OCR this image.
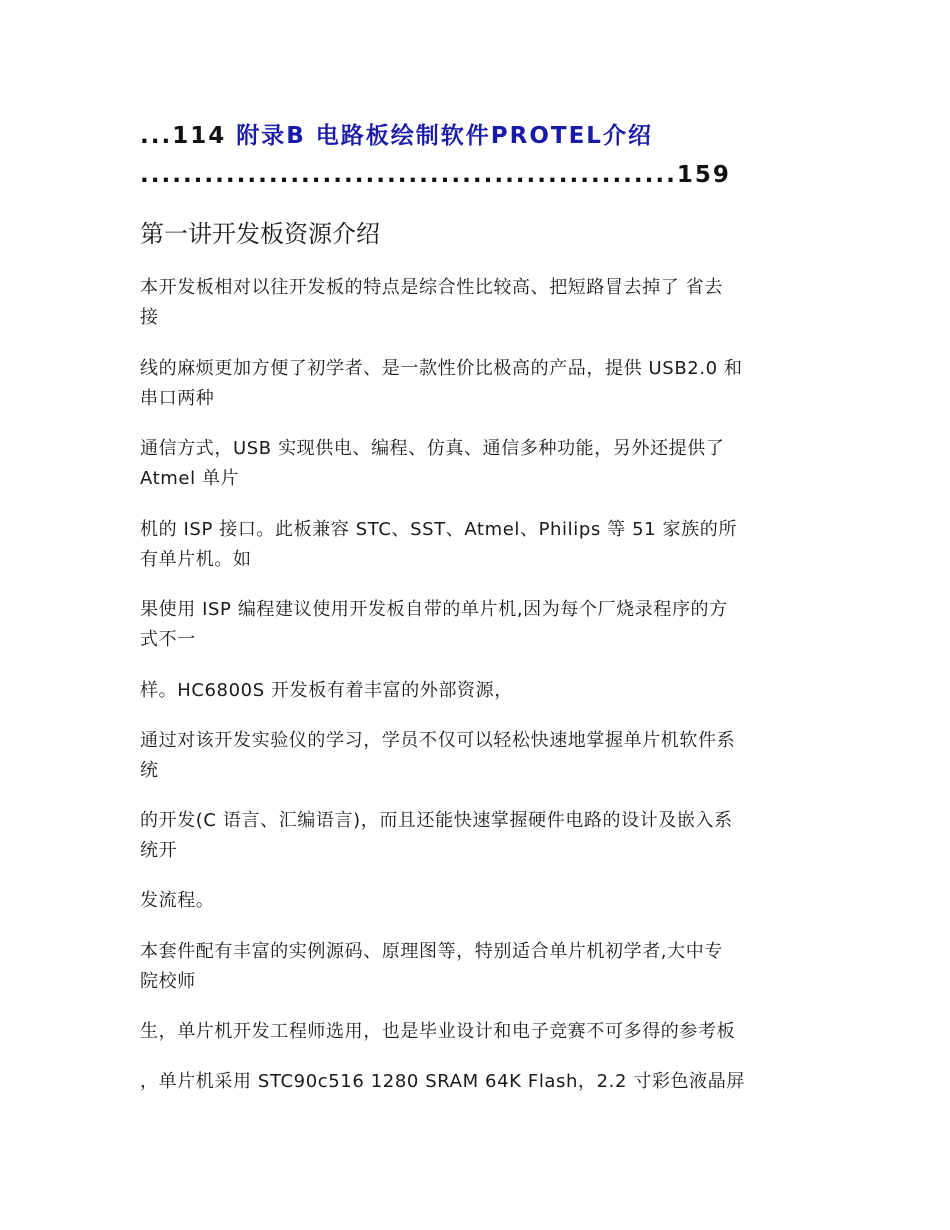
...114 附录B 电路板绘制软件PROTEL介绍
..................................................159
第一讲开发板资源介绍
本开发板相对以往开发板的特点是综合性比较高、把短路冒去掉了 省去
接
线的麻烦更加方便了初学者、是一款性价比极高的产品，提供 USB2.0 和
串口两种
通信方式，USB 实现供电、编程、仿真、通信多种功能，另外还提供了
Atmel 单片
机的 ISP 接口。此板兼容 STC、SST、Atmel、Philips 等 51 家族的所
有单片机。如
果使用 ISP 编程建议使用开发板自带的单片机,因为每个厂烧录程序的方
式不一
样。HC6800S 开发板有着丰富的外部资源，
通过对该开发实验仪的学习，学员不仅可以轻松快速地掌握单片机软件系
统
的开发(C 语言、汇编语言)，而且还能快速掌握硬件电路的设计及嵌入系
统开
发流程。
本套件配有丰富的实例源码、原理图等，特别适合单片机初学者,大中专
院校师
生，单片机开发工程师选用，也是毕业设计和电子竞赛不可多得的参考板
，单片机采用 STC90c516 1280 SRAM 64K Flash，2.2 寸彩色液晶屏
